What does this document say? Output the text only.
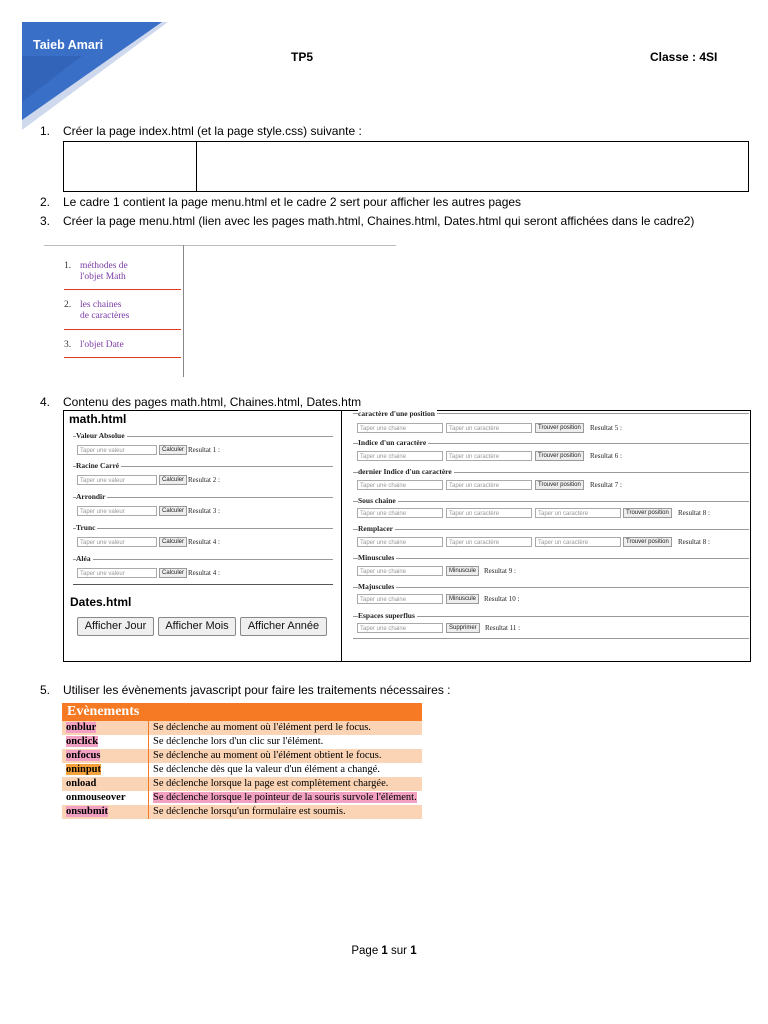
Taieb Amari
TP5	Classe : 4SI
1. Créer la page index.html (et la page style.css) suivante :
2. Le cadre 1 contient la page menu.html et le cadre 2 sert pour afficher les autres pages
3. Créer la page menu.html (lien avec les pages math.html, Chaines.html, Dates.html qui seront affichées dans le cadre2)
1. méthodes de
l'objet Math
2. les chaines
de caractères
3. l'objet Date
4. Contenu des pages math.html, Chaines.html, Dates.htm
math.html
Valeur Absolue
Taper une valeur	Calculer Resultat 1 :
Racine Carré
Taper une valeur	Calculer Resultat 2 :
Arrondir
Taper une valeur	Calculer Resultat 3 :
Trunc
Taper une valeur	Calculer Resultat 4 :
Aléa
Taper une valeur	Calculer Resultat 4 :
Dates.html
Afficher Jour	Afficher Mois	Afficher Année
caractère d'une position
Taper une chaine	Taper un caractère	Trouver position	Resultat 5 :
Indice d'un caractère
Taper une chaine	Taper un caractère	Trouver position	Resultat 6 :
dernier Indice d'un caractère
Taper une chaine	Taper un caractère	Trouver position	Resultat 7 :
Sous chaine
Taper une chaine	Taper un caractère	Taper un caractère	Trouver position	Resultat 8 :
Remplacer
Taper une chaine	Taper un caractère	Taper un caractère	Trouver position	Resultat 8 :
Minuscules
Taper une chaine	Minuscule	Resultat 9 :
Majuscules
Taper une chaine	Minuscule	Resultat 10 :
Espaces superflus
Taper une chaine	Supprimer	Resultat 11 :
5. Utiliser les évènements javascript pour faire les traitements nécessaires :
Evènements	
onblur	Se déclenche au moment où l'élément perd le focus.
onclick	Se déclenche lors d'un clic sur l'élément.
onfocus	Se déclenche au moment où l'élément obtient le focus.
oninput	Se déclenche dès que la valeur d'un élément a changé.
onload	Se déclenche lorsque la page est complètement chargée.
onmouseover	Se déclenche lorsque le pointeur de la souris survole l'élément.
onsubmit	Se déclenche lorsqu'un formulaire est soumis.
Page 1 sur 1
